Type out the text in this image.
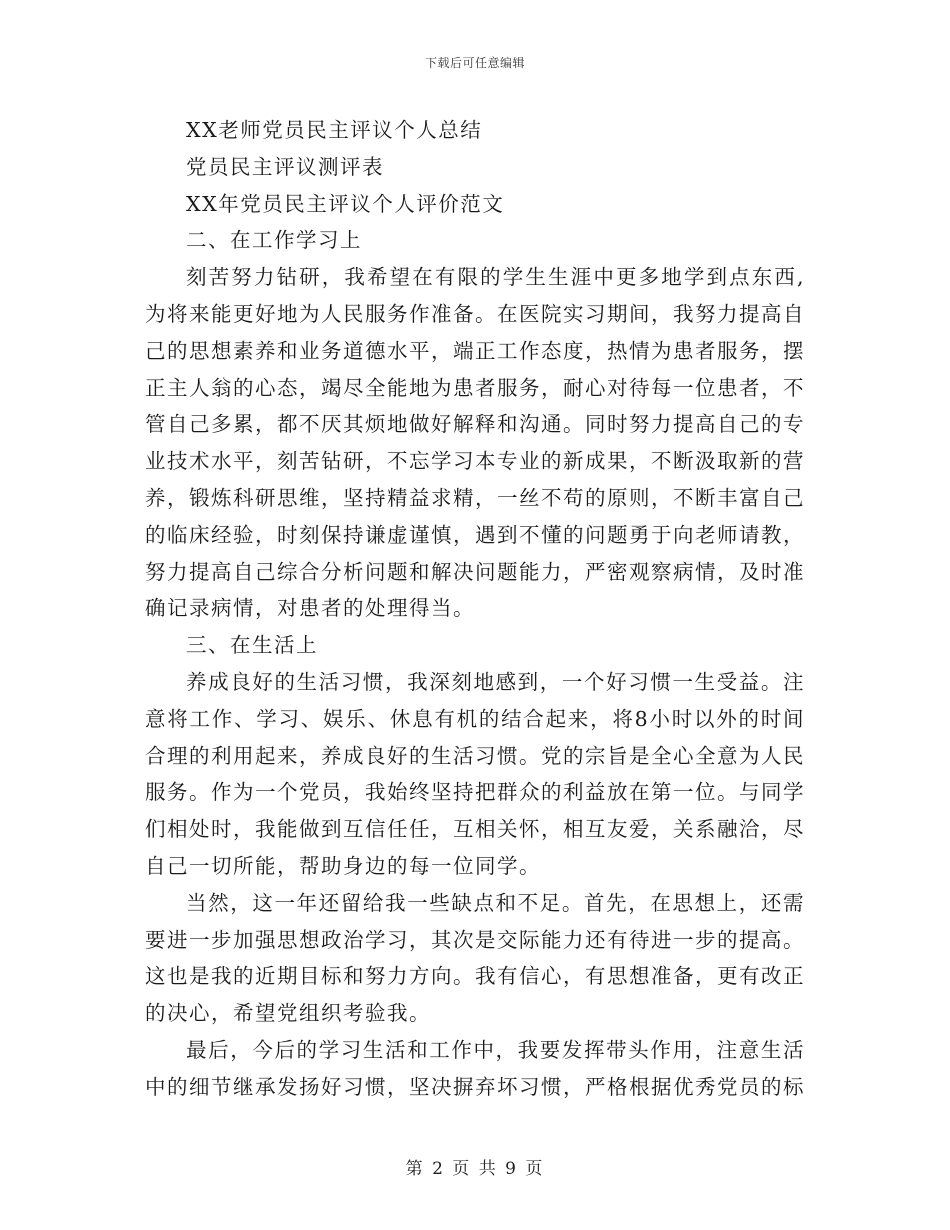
下载后可任意编辑

XX老师党员民主评议个人总结

党员民主评议测评表

XX年党员民主评议个人评价范文

二、在工作学习上

刻苦努力钻研，我希望在有限的学生生涯中更多地学到点东西,为将来能更好地为人民服务作准备。在医院实习期间，我努力提高自己的思想素养和业务道德水平，端正工作态度，热情为患者服务，摆正主人翁的心态，竭尽全能地为患者服务，耐心对待每一位患者，不管自己多累，都不厌其烦地做好解释和沟通。同时努力提高自己的专业技术水平，刻苦钻研，不忘学习本专业的新成果，不断汲取新的营养，锻炼科研思维，坚持精益求精，一丝不苟的原则，不断丰富自己的临床经验，时刻保持谦虚谨慎，遇到不懂的问题勇于向老师请教，努力提高自己综合分析问题和解决问题能力，严密观察病情，及时准确记录病情，对患者的处理得当。

三、在生活上

养成良好的生活习惯，我深刻地感到，一个好习惯一生受益。注意将工作、学习、娱乐、休息有机的结合起来，将8小时以外的时间合理的利用起来，养成良好的生活习惯。党的宗旨是全心全意为人民服务。作为一个党员，我始终坚持把群众的利益放在第一位。与同学们相处时，我能做到互信任任，互相关怀，相互友爱，关系融洽，尽自己一切所能，帮助身边的每一位同学。

当然，这一年还留给我一些缺点和不足。首先，在思想上，还需要进一步加强思想政治学习，其次是交际能力还有待进一步的提高。这也是我的近期目标和努力方向。我有信心，有思想准备，更有改正的决心，希望党组织考验我。

最后，今后的学习生活和工作中，我要发挥带头作用，注意生活中的细节继承发扬好习惯，坚决摒弃坏习惯，严格根据优秀党员的标

第 2 页 共 9 页
